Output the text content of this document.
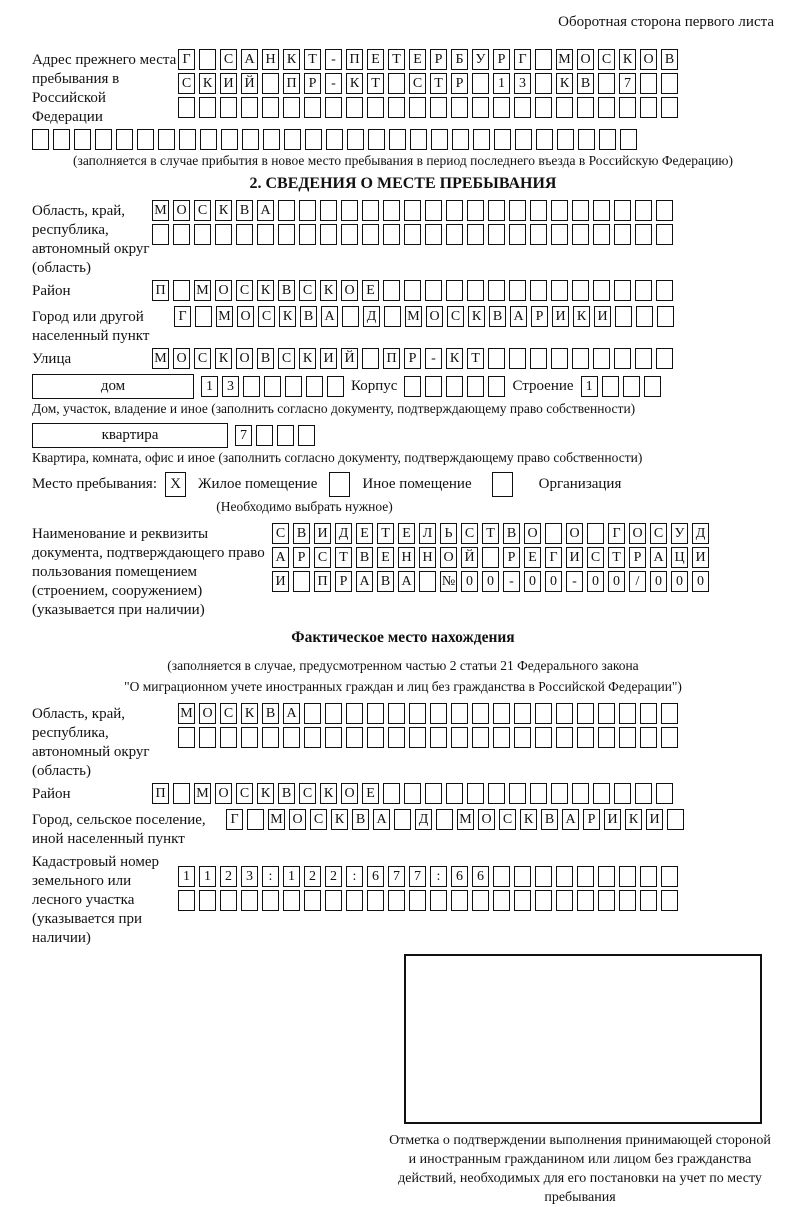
Оборотная сторона первого листа
Адрес прежнего места пребывания в Российской Федерации
Г	С А Н К Т	- П Е Т Е Р Б У Р Г	М О С К О В
С К И Й П Р	-	К Т	С Т Р	1	3	К В	7
(заполняется в случае прибытия в новое место пребывания в период последнего въезда в Российскую Федерацию)
2. СВЕДЕНИЯ О МЕСТЕ ПРЕБЫВАНИЯ
Область, край, республика, автономный округ (область)
М О С К В А
Район	П М О С К В С К О Е
Город или другой населенный пункт
Г	М О С К В А Д М О С К В А Р И К И
Улица	М О С К О В С К И Й П Р	-	К Т
дом	1	3	Корпус	Строение 1
Дом, участок, владение и иное (заполнить согласно документу, подтверждающему право собственности)
квартира	7
Квартира, комната, офис и иное (заполнить согласно документу, подтверждающему право собственности)
Место пребывания: X	Жилое помещение	Иное помещение	Организация
(Необходимо выбрать нужное)
Наименование и реквизиты документа, подтверждающего право пользования помещением (строением, сооружением) (указывается при наличии)
С В И Д Е Т Е Л Ь С Т В О О	Г О С У Д
А Р С Т В Е Н Н О Й	Р Е Г И С Т Р А Ц И
И П Р А В А № 0	0	-	0	0	-	0	0	/	0	0	0
Фактическое место нахождения
(заполняется в случае, предусмотренном частью 2 статьи 21 Федерального закона
"О миграционном учете иностранных граждан и лиц без гражданства в Российской Федерации")
Область, край, республика, автономный округ (область)
М О С К В А
Район	П М О С К В С К О Е
Город, сельское поселение, иной населенный пункт
Г	М О С К В А Д М О С К В А Р И К И
Кадастровый номер земельного или лесного участка (указывается при наличии)
1	1	2	3	:	1	2	2	:	6	7	7	:	6	6
Отметка о подтверждении выполнения принимающей стороной и иностранным гражданином или лицом без гражданства действий, необходимых для его постановки на учет по месту пребывания
